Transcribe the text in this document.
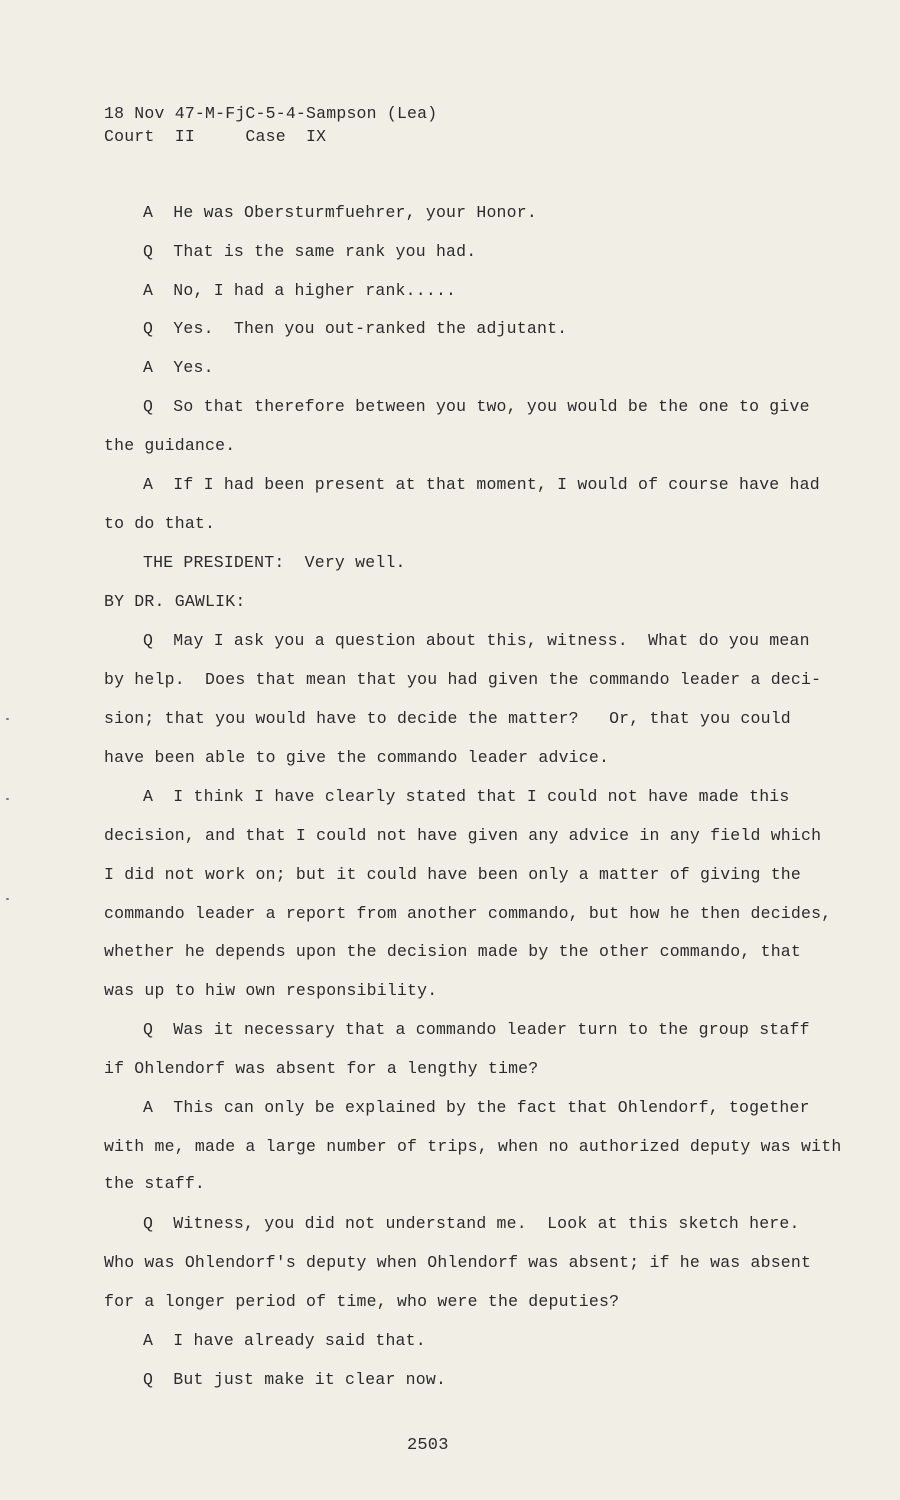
18 Nov 47-M-FjC-5-4-Sampson (Lea)
Court  II     Case  IX
A  He was Obersturmfuehrer, your Honor.
Q  That is the same rank you had.
A  No, I had a higher rank.....
Q  Yes.  Then you out-ranked the adjutant.
A  Yes.
Q  So that therefore between you two, you would be the one to give
the guidance.
A  If I had been present at that moment, I would of course have had
to do that.
THE PRESIDENT:  Very well.
BY DR. GAWLIK:
Q  May I ask you a question about this, witness.  What do you mean
by help.  Does that mean that you had given the commando leader a deci-
sion; that you would have to decide the matter?   Or, that you could
have been able to give the commando leader advice.
A  I think I have clearly stated that I could not have made this
decision, and that I could not have given any advice in any field which
I did not work on; but it could have been only a matter of giving the
commando leader a report from another commando, but how he then decides,
whether he depends upon the decision made by the other commando, that
was up to hiw own responsibility.
Q  Was it necessary that a commando leader turn to the group staff
if Ohlendorf was absent for a lengthy time?
A  This can only be explained by the fact that Ohlendorf, together
with me, made a large number of trips, when no authorized deputy was with
the staff.
Q  Witness, you did not understand me.  Look at this sketch here.
Who was Ohlendorf's deputy when Ohlendorf was absent; if he was absent
for a longer period of time, who were the deputies?
A  I have already said that.
Q  But just make it clear now.
2503
